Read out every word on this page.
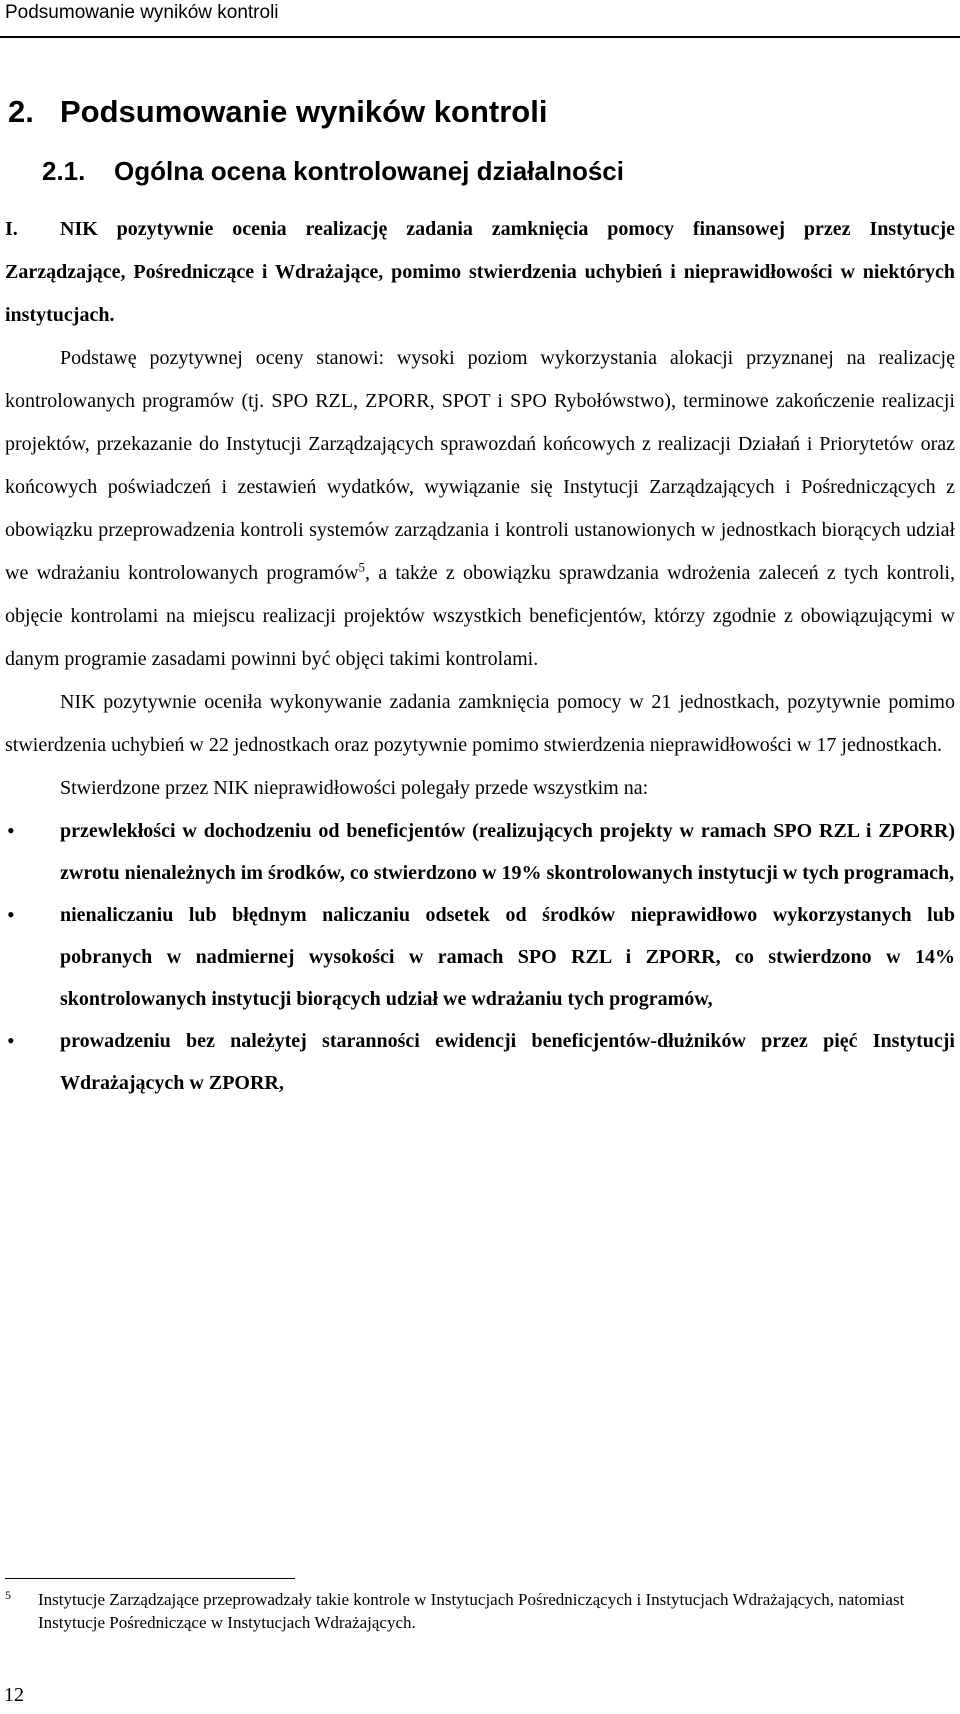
Podsumowanie wyników kontroli
2. Podsumowanie wyników kontroli
2.1. Ogólna ocena kontrolowanej działalności

I. NIK pozytywnie ocenia realizację zadania zamknięcia pomocy finansowej przez Instytucje Zarządzające, Pośredniczące i Wdrażające, pomimo stwierdzenia uchybień i nieprawidłowości w niektórych instytucjach.

Podstawę pozytywnej oceny stanowi: wysoki poziom wykorzystania alokacji przyznanej na realizację kontrolowanych programów (tj. SPO RZL, ZPORR, SPOT i SPO Rybołówstwo), terminowe zakończenie realizacji projektów, przekazanie do Instytucji Zarządzających sprawozdań końcowych z realizacji Działań i Priorytetów oraz końcowych poświadczeń i zestawień wydatków, wywiązanie się Instytucji Zarządzających i Pośredniczących z obowiązku przeprowadzenia kontroli systemów zarządzania i kontroli ustanowionych w jednostkach biorących udział we wdrażaniu kontrolowanych programów$^5$, a także z obowiązku sprawdzania wdrożenia zaleceń z tych kontroli, objęcie kontrolami na miejscu realizacji projektów wszystkich beneficjentów, którzy zgodnie z obowiązującymi w danym programie zasadami powinni być objęci takimi kontrolami.

NIK pozytywnie oceniła wykonywanie zadania zamknięcia pomocy w 21 jednostkach, pozytywnie pomimo stwierdzenia uchybień w 22 jednostkach oraz pozytywnie pomimo stwierdzenia nieprawidłowości w 17 jednostkach.

Stwierdzone przez NIK nieprawidłowości polegały przede wszystkim na:

• przewlekłości w dochodzeniu od beneficjentów (realizujących projekty w ramach SPO RZL i ZPORR) zwrotu nienależnych im środków, co stwierdzono w 19% skontrolowanych instytucji w tych programach,
• nienaliczaniu lub błędnym naliczaniu odsetek od środków nieprawidłowo wykorzystanych lub pobranych w nadmiernej wysokości w ramach SPO RZL i ZPORR, co stwierdzono w 14% skontrolowanych instytucji biorących udział we wdrażaniu tych programów,
• prowadzeniu bez należytej staranności ewidencji beneficjentów-dłużników przez pięć Instytucji Wdrażających w ZPORR,
5	Instytucje Zarządzające przeprowadzały takie kontrole w Instytucjach Pośredniczących i Instytucjach Wdrażających, natomiast Instytucje Pośredniczące w Instytucjach Wdrażających.
12
